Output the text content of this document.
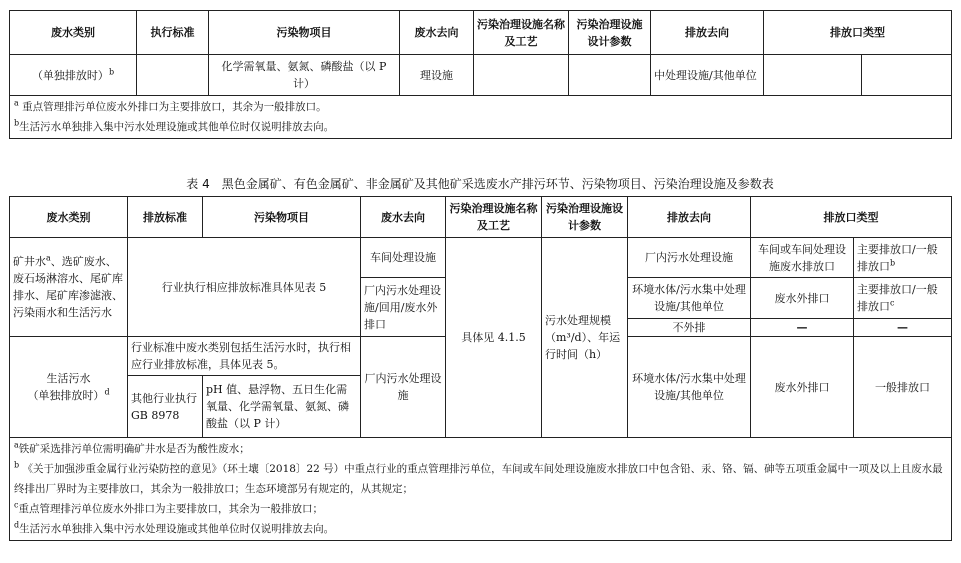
废水类别	执行标准	污染物项目	废水去向	污染治理设施名称及工艺	污染治理设施设计参数	排放去向	排放口类型	
（单独排放时）$^b$		化学需氧量、氨氮、磷酸盐（以 P 计）	理设施			中处理设施/其他单位		

$^a$ 重点管理排污单位废水外排口为主要排放口，其余为一般排放口。
$^b$生活污水单独排入集中污水处理设施或其他单位时仅说明排放去向。								
表 4　黑色金属矿、有色金属矿、非金属矿及其他矿采选废水产排污环节、污染物项目、污染治理设施及参数表
废水类别	排放标准	污染物项目	废水去向	污染治理设施名称及工艺	污染治理设施设计参数	排放去向	排放口类型	
矿井水$^a$、选矿废水、废石场淋溶水、尾矿库排水、尾矿库渗滤液、污染雨水和生活污水	行业执行相应排放标准具体见表 5		车间处理设施	具体见 4.1.5	污水处理规模（m³/d）、年运行时间（h）	厂内污水处理设施	车间或车间处理设施废水排放口	主要排放口/一般排放口$^b$
			厂内污水处理设施/回用/废水外排口			环境水体/污水集中处理设施/其他单位	废水外排口	主要排放口/一般排放口$^c$
						不外排	—	—

生活污水
（单独排放时）$^d$	行业标准中废水类别包括生活污水时，执行相应行业排放标准，具体见表 5。		厂内污水处理设施			环境水体/污水集中处理设施/其他单位	废水外排口	一般排放口
	其他行业执行 GB 8978	pH 值、悬浮物、五日生化需氧量、化学需氧量、氨氮、磷酸盐（以 P 计）						

$^a$铁矿采选排污单位需明确矿井水是否为酸性废水；
$^b$ 《关于加强涉重金属行业污染防控的意见》（环土壤〔2018〕22 号）中重点行业的重点管理排污单位，车间或车间处理设施废水排放口中包含铅、汞、铬、镉、砷等五项重金属中一项及以上且废水最终排出厂界时为主要排放口，其余为一般排放口；生态环境部另有规定的，从其规定；
$^c$重点管理排污单位废水外排口为主要排放口，其余为一般排放口；
$^d$生活污水单独排入集中污水处理设施或其他单位时仅说明排放去向。								
